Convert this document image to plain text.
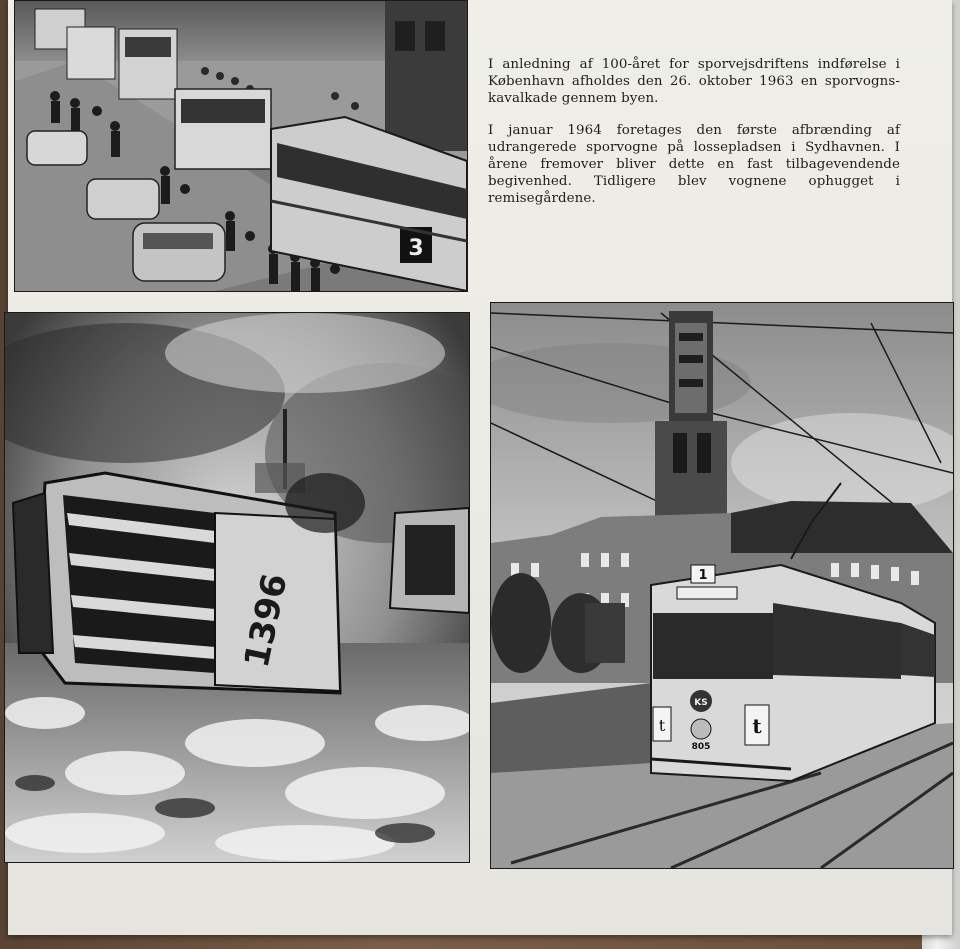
3

I anledning af 100-året for sporvejsdriftens indførelse i København afholdes den 26. oktober 1963 en sporvogns-kavalkade gennem byen.

I januar 1964 foretages den første afbrænding af udrangerede sporvogne på lossepladsen i Sydhavnen. I årene fremover bliver dette en fast tilbagevendende begivenhed. Tidligere blev vognene ophugget i remisegårdene.

1396	1
KS
t	t
805
